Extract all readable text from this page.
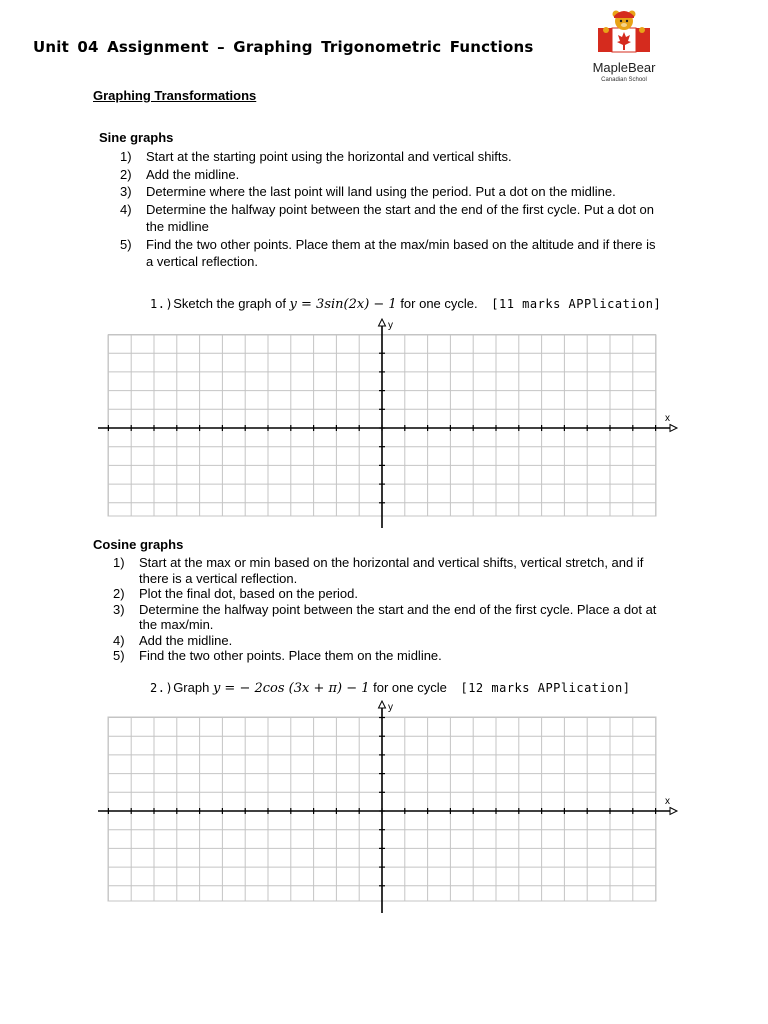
Unit 04 Assignment – Graphing Trigonometric Functions
MapleBear
Canadian School
Graphing Transformations
Sine graphs
1) Start at the starting point using the horizontal and vertical shifts.
2) Add the midline.
3) Determine where the last point will land using the period. Put a dot on the midline.
4) Determine the halfway point between the start and the end of the first cycle. Put a dot on the midline
5) Find the two other points. Place them at the max/min based on the altitude and if there is a vertical reflection.
1.)Sketch the graph of y = 3sin(2x) − 1 for one cycle. [11 marks APPlication]
x
y
Cosine graphs
1) Start at the max or min based on the horizontal and vertical shifts, vertical stretch, and if there is a vertical reflection.
2) Plot the final dot, based on the period.
3) Determine the halfway point between the start and the end of the first cycle. Place a dot at the max/min.
4) Add the midline.
5) Find the two other points. Place them on the midline.
2.)Graph y = − 2cos (3x + π) − 1 for one cycle [12 marks APPlication]
x
y
